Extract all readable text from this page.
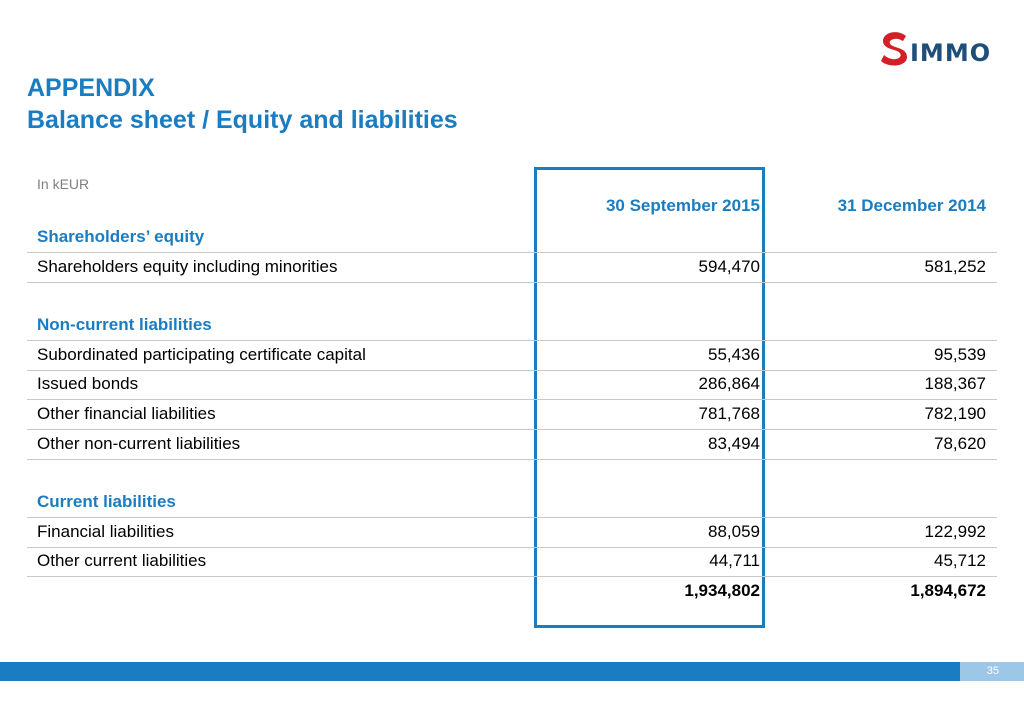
IMMO
APPENDIX
Balance sheet / Equity and liabilities
In kEUR
30 September 2015	31 December 2014
Shareholders’ equity
Shareholders equity including minorities	594,470	581,252
Non-current liabilities
Subordinated participating certificate capital	55,436	95,539
Issued bonds	286,864	188,367
Other financial liabilities	781,768	782,190
Other non-current liabilities	83,494	78,620
Current liabilities
Financial liabilities	88,059	122,992
Other current liabilities	44,711	45,712
1,934,802	1,894,672
35
